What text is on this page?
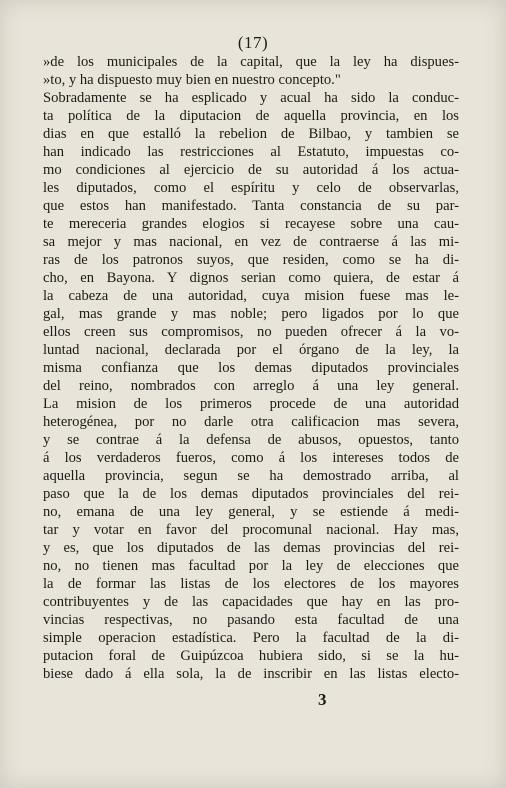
(17)
»de los municipales de la capital, que la ley ha dispues-
»to, y ha dispuesto muy bien en nuestro concepto."
Sobradamente se ha esplicado y acual ha sido la conduc-
ta política de la diputacion de aquella provincia, en los
dias en que estalló la rebelion de Bilbao, y tambien se
han indicado las restricciones al Estatuto, impuestas co-
mo condiciones al ejercicio de su autoridad á los actua-
les diputados, como el espíritu y celo de observarlas,
que estos han manifestado. Tanta constancia de su par-
te mereceria grandes elogios si recayese sobre una cau-
sa mejor y mas nacional, en vez de contraerse á las mi-
ras de los patronos suyos, que residen, como se ha di-
cho, en Bayona. Y dignos serian como quiera, de estar á
la cabeza de una autoridad, cuya mision fuese mas le-
gal, mas grande y mas noble; pero ligados por lo que
ellos creen sus compromisos, no pueden ofrecer á la vo-
luntad nacional, declarada por el órgano de la ley, la
misma confianza que los demas diputados provinciales
del reino, nombrados con arreglo á una ley general.
La mision de los primeros procede de una autoridad
heterogénea, por no darle otra calificacion mas severa,
y se contrae á la defensa de abusos, opuestos, tanto
á los verdaderos fueros, como á los intereses todos de
aquella provincia, segun se ha demostrado arriba, al
paso que la de los demas diputados provinciales del rei-
no, emana de una ley general, y se estiende á medi-
tar y votar en favor del procomunal nacional. Hay mas,
y es, que los diputados de las demas provincias del rei-
no, no tienen mas facultad por la ley de elecciones que
la de formar las listas de los electores de los mayores
contribuyentes y de las capacidades que hay en las pro-
vincias respectivas, no pasando esta facultad de una
simple operacion estadística. Pero la facultad de la di-
putacion foral de Guipúzcoa hubiera sido, si se la hu-
biese dado á ella sola, la de inscribir en las listas electo-
3
